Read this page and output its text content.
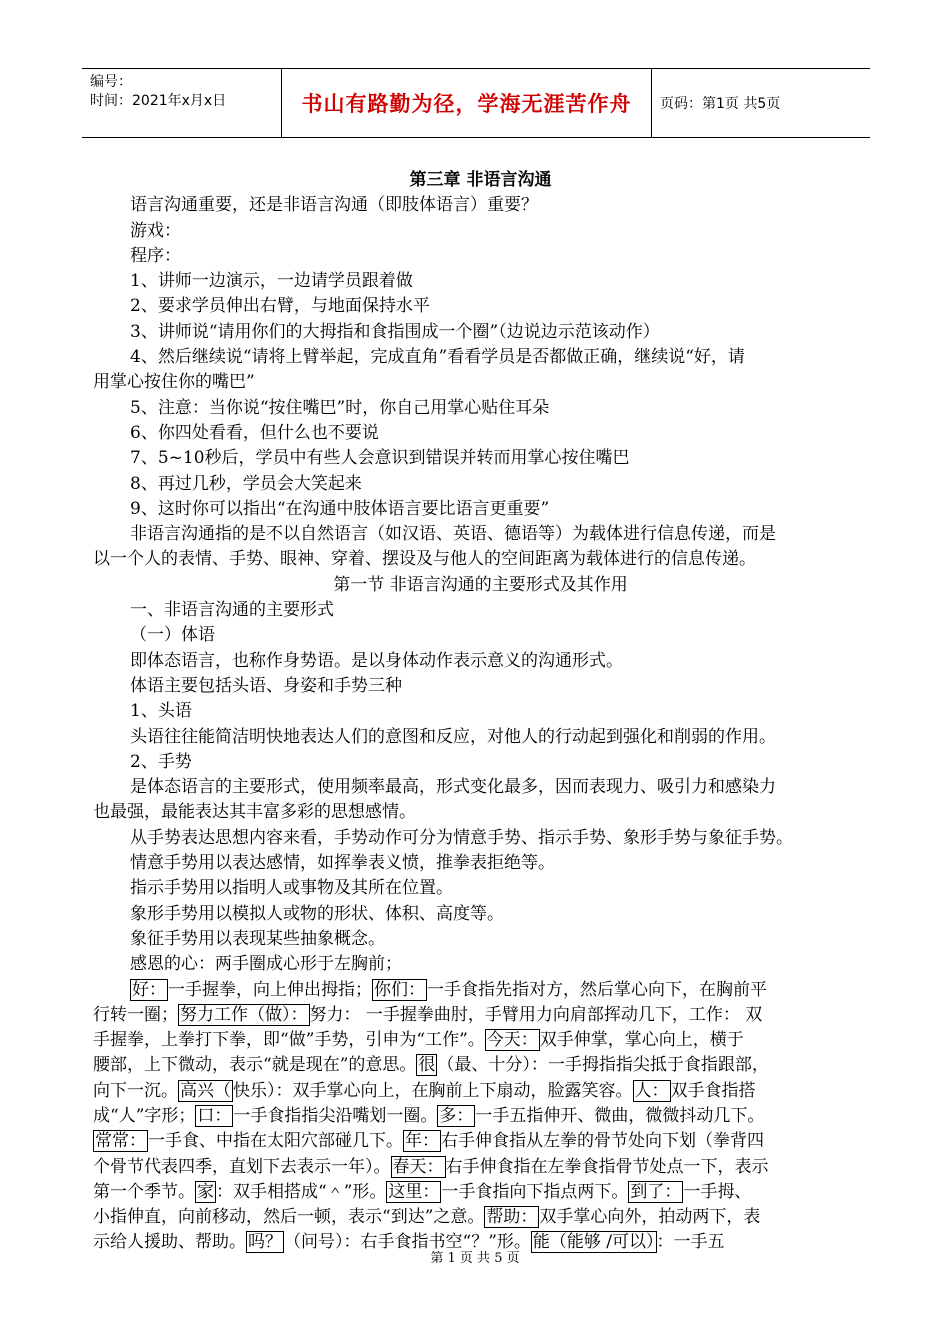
编号：
时间：2021年x月x日	书山有路勤为径，学海无涯苦作舟	页码：第1页 共5页

第三章 非语言沟通

语言沟通重要，还是非语言沟通（即肢体语言）重要？

游戏：

程序：

1、讲师一边演示，一边请学员跟着做

2、要求学员伸出右臂，与地面保持水平

3、讲师说“请用你们的大拇指和食指围成一个圈”（边说边示范该动作）

4、然后继续说“请将上臂举起，完成直角”看看学员是否都做正确，继续说“好，请

用掌心按住你的嘴巴”

5、注意：当你说“按住嘴巴”时，你自己用掌心贴住耳朵

6、你四处看看，但什么也不要说

7、5~10秒后，学员中有些人会意识到错误并转而用掌心按住嘴巴

8、再过几秒，学员会大笑起来

9、这时你可以指出“在沟通中肢体语言要比语言更重要”

非语言沟通指的是不以自然语言（如汉语、英语、德语等）为载体进行信息传递，而是

以一个人的表情、手势、眼神、穿着、摆设及与他人的空间距离为载体进行的信息传递。

第一节 非语言沟通的主要形式及其作用

一、非语言沟通的主要形式

（一）体语

即体态语言，也称作身势语。是以身体动作表示意义的沟通形式。

体语主要包括头语、身姿和手势三种

1、头语

头语往往能简洁明快地表达人们的意图和反应，对他人的行动起到强化和削弱的作用。

2、手势

是体态语言的主要形式，使用频率最高，形式变化最多，因而表现力、吸引力和感染力

也最强，最能表达其丰富多彩的思想感情。

从手势表达思想内容来看，手势动作可分为情意手势、指示手势、象形手势与象征手势。

情意手势用以表达感情，如挥拳表义愤，推拳表拒绝等。

指示手势用以指明人或事物及其所在位置。

象形手势用以模拟人或物的形状、体积、高度等。

象征手势用以表现某些抽象概念。

感恩的心：两手圈成心形于左胸前；

好： 一手握拳，向上伸出拇指； 你们： 一手食指先指对方，然后掌心向下，在胸前平

行转一圈； 努力工作（做）： 努力： 一手握拳曲肘，手臂用力向肩部挥动几下，工作： 双

手握拳，上拳打下拳，即“做”手势，引申为“工作”。 今天： 双手伸掌，掌心向上，横于

腰部，上下微动，表示“就是现在”的意思。 很 （最、十分）：一手拇指指尖抵于食指跟部，

向下一沉。 高兴（ 快乐）：双手掌心向上，在胸前上下扇动，脸露笑容。 人： 双手食指搭

成“人”字形； 口： 一手食指指尖沿嘴划一圈。 多： 一手五指伸开、微曲，微微抖动几下。

常常： 一手食、中指在太阳穴部碰几下。 年： 右手伸食指从左拳的骨节处向下划（拳背四

个骨节代表四季，直划下去表示一年）。 春天： 右手伸食指在左拳食指骨节处点一下，表示

第一个季节。 家 ：双手相搭成“＾”形。 这里： 一手食指向下指点两下。 到了： 一手拇、

小指伸直，向前移动，然后一顿，表示“到达”之意。 帮助： 双手掌心向外，拍动两下，表

示给人援助、帮助。 吗？ （问号）：右手食指书空“？”形。 能（能够 /可以） ：一手五

第 1 页 共 5 页
